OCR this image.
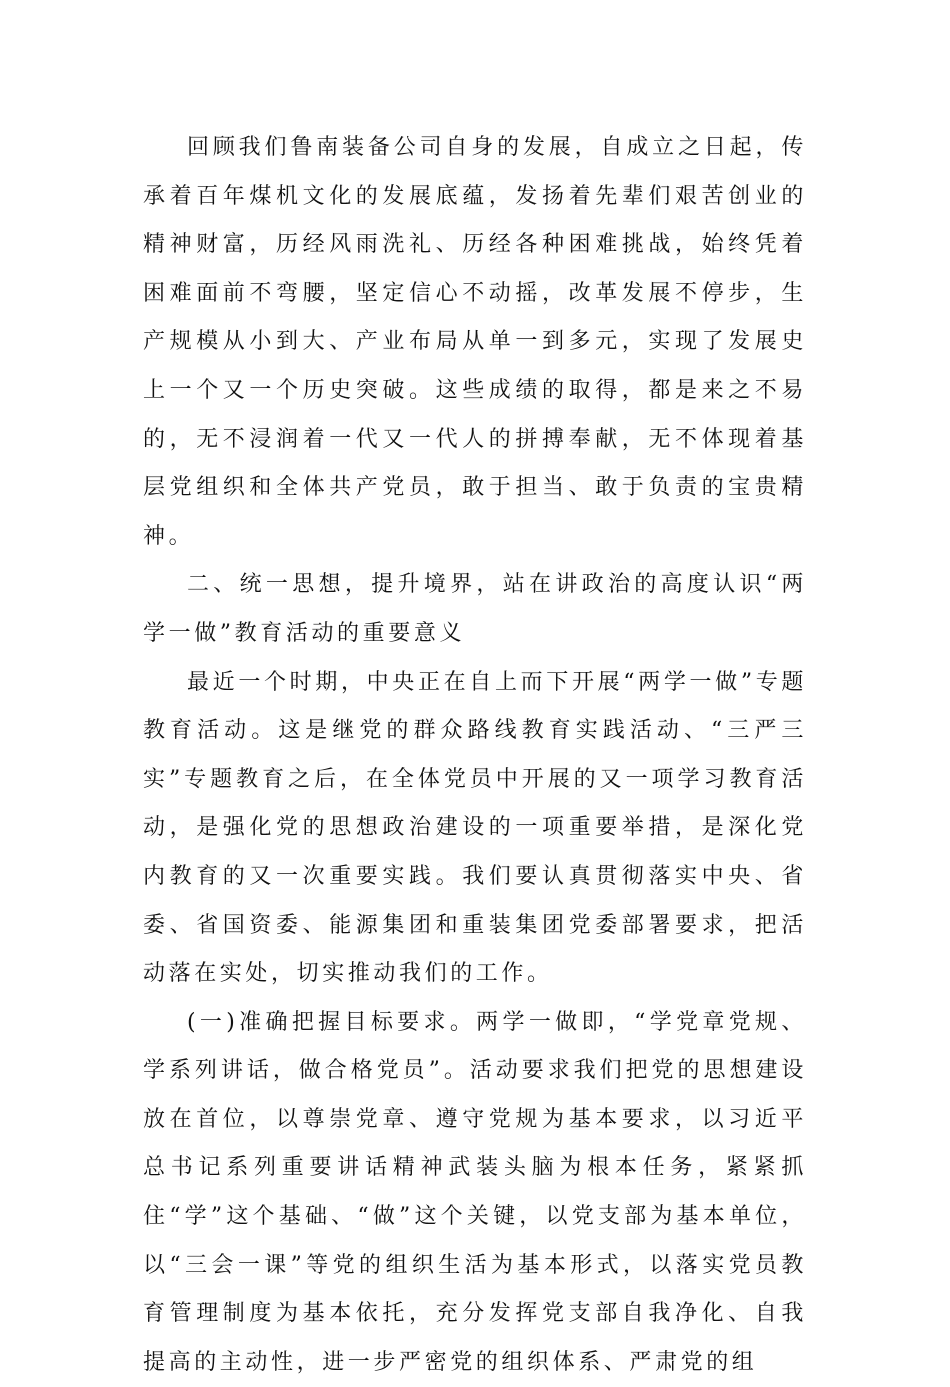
回顾我们鲁南装备公司自身的发展，自成立之日起，传承着百年煤机文化的发展底蕴，发扬着先辈们艰苦创业的精神财富，历经风雨洗礼、历经各种困难挑战，始终凭着困难面前不弯腰，坚定信心不动摇，改革发展不停步，生产规模从小到大、产业布局从单一到多元，实现了发展史上一个又一个历史突破。这些成绩的取得，都是来之不易的，无不浸润着一代又一代人的拼搏奉献，无不体现着基层党组织和全体共产党员，敢于担当、敢于负责的宝贵精神。

二、统一思想，提升境界，站在讲政治的高度认识“两学一做”教育活动的重要意义

最近一个时期，中央正在自上而下开展“两学一做”专题教育活动。这是继党的群众路线教育实践活动、“三严三实”专题教育之后，在全体党员中开展的又一项学习教育活动，是强化党的思想政治建设的一项重要举措，是深化党内教育的又一次重要实践。我们要认真贯彻落实中央、省委、省国资委、能源集团和重装集团党委部署要求，把活动落在实处，切实推动我们的工作。

(一)准确把握目标要求。两学一做即，“学党章党规、学系列讲话，做合格党员”。活动要求我们把党的思想建设放在首位，以尊崇党章、遵守党规为基本要求，以习近平总书记系列重要讲话精神武装头脑为根本任务，紧紧抓住“学”这个基础、“做”这个关键，以党支部为基本单位，以“三会一课”等党的组织生活为基本形式，以落实党员教育管理制度为基本依托，充分发挥党支部自我净化、自我提高的主动性，进一步严密党的组织体系、严肃党的组
